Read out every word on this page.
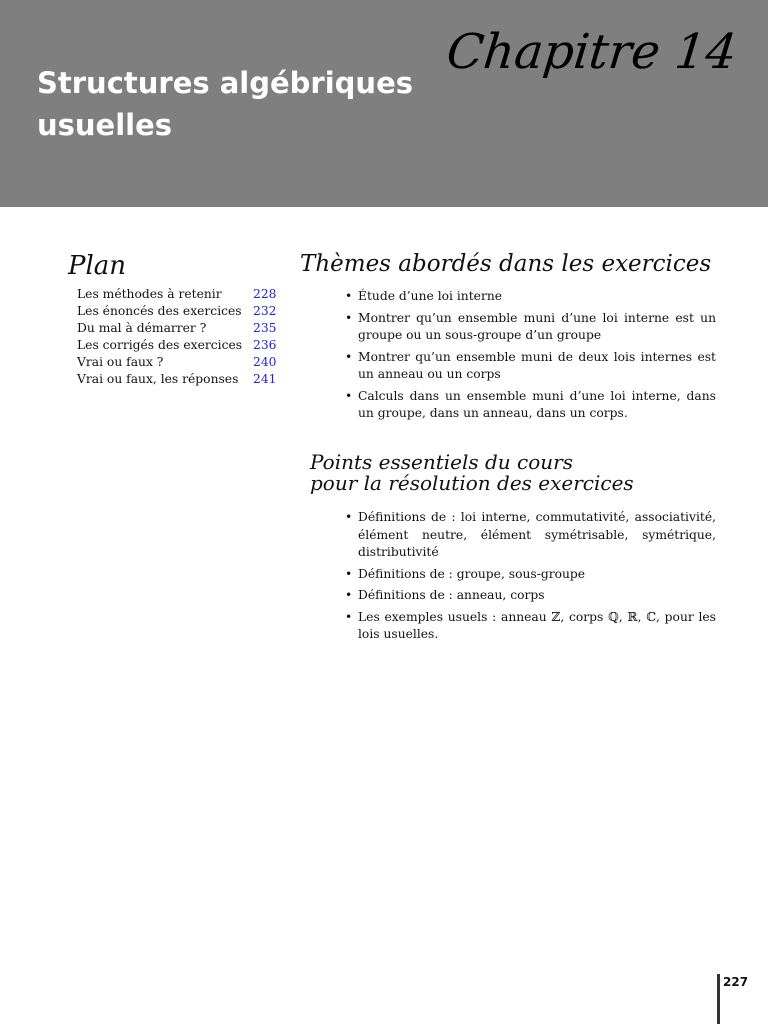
Structures algébriques
usuelles
Chapitre 14
Plan
Les méthodes à retenir	228
Les énoncés des exercices 232
Du mal à démarrer ?	235
Les corrigés des exercices 236
Vrai ou faux ?	240
Vrai ou faux, les réponses 241
Thèmes abordés dans les exercices
• Étude d’une loi interne
• Montrer qu’un ensemble muni d’une loi interne est un groupe ou un sous-groupe d’un groupe
• Montrer qu’un ensemble muni de deux lois internes est un anneau ou un corps
• Calculs dans un ensemble muni d’une loi interne, dans un groupe, dans un anneau, dans un corps.
Points essentiels du cours
pour la résolution des exercices
• Définitions de : loi interne, commutativité, associativité, élément neutre, élément symétrisable, symétrique, distributivité
• Définitions de : groupe, sous-groupe
• Définitions de : anneau, corps
• Les exemples usuels : anneau ℤ, corps ℚ, ℝ, ℂ, pour les lois usuelles.
227
